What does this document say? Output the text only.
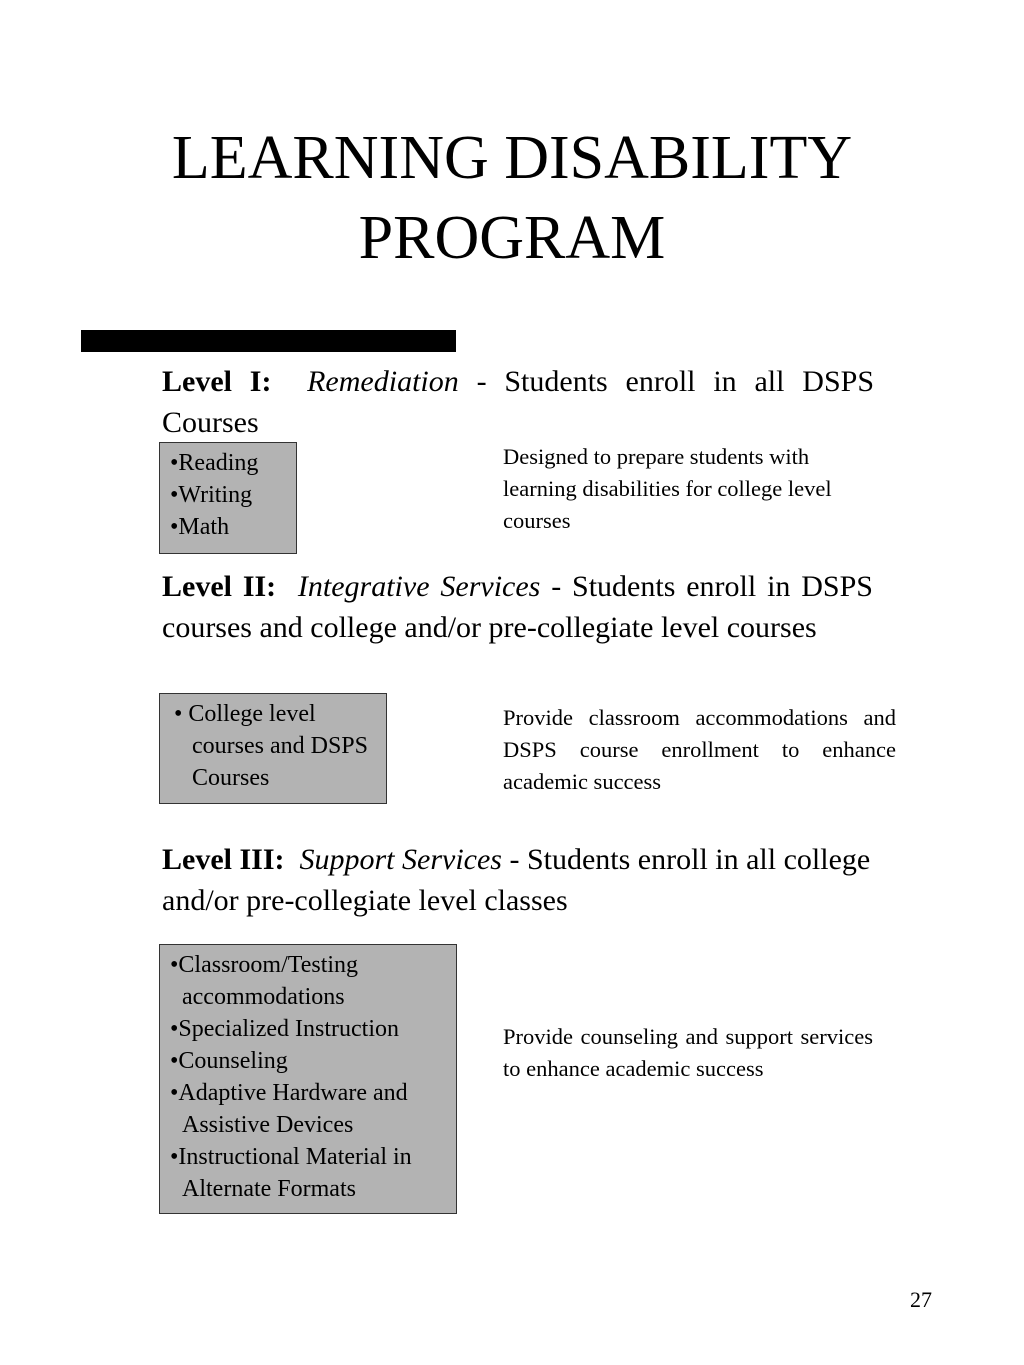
LEARNING DISABILITY
PROGRAM
Level I: Remediation - Students enroll in all DSPS Courses
•Reading
•Writing
•Math
Designed to prepare students with learning disabilities for college level courses
Level II: Integrative Services - Students enroll in DSPS courses and college and/or pre-collegiate level courses
• College level courses and DSPS Courses
Provide classroom accommodations and DSPS course enrollment to enhance academic success
Level III: Support Services - Students enroll in all college and/or pre-collegiate level classes
•Classroom/Testing accommodations
•Specialized Instruction
•Counseling
•Adaptive Hardware and Assistive Devices
•Instructional Material in Alternate Formats
Provide counseling and support services to enhance academic success
27
